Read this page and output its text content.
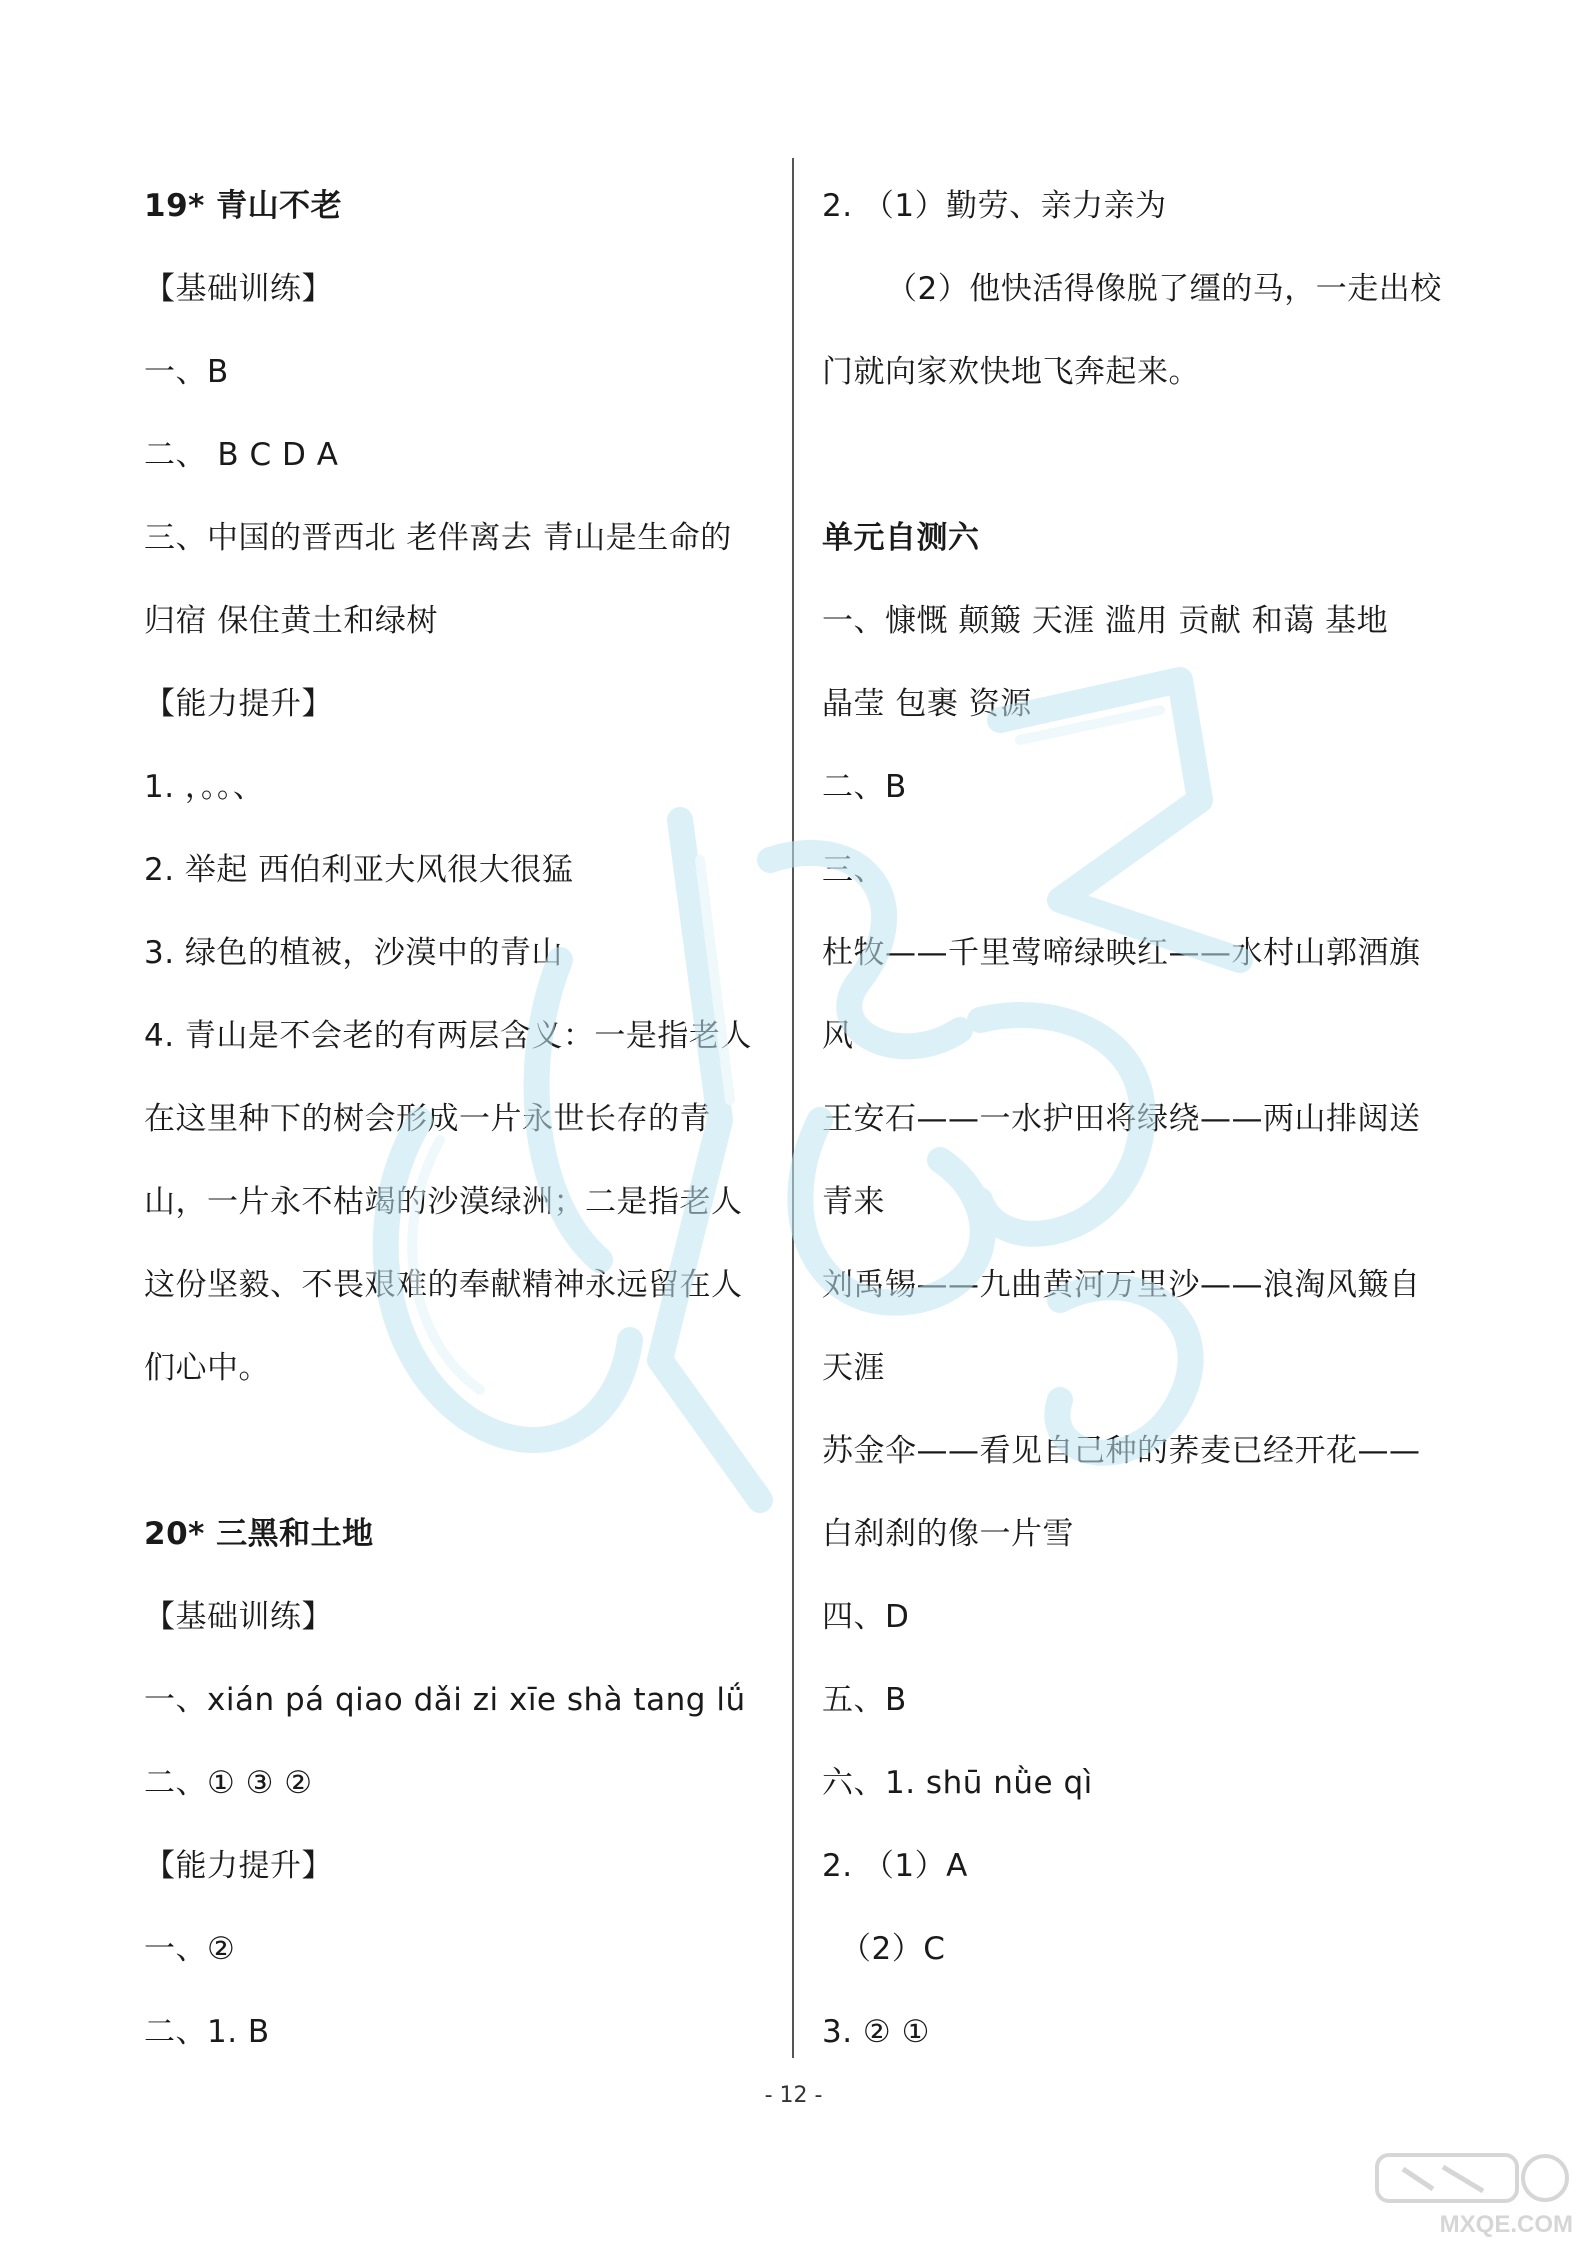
19* 青山不老
【基础训练】
一、B
二、 B C D A
三、中国的晋西北 老伴离去 青山是生命的
归宿 保住黄土和绿树
【能力提升】
1. ，。。、
2. 举起 西伯利亚大风很大很猛
3. 绿色的植被，沙漠中的青山
4. 青山是不会老的有两层含义：一是指老人
在这里种下的树会形成一片永世长存的青
山，一片永不枯竭的沙漠绿洲；二是指老人
这份坚毅、不畏艰难的奉献精神永远留在人
们心中。
20* 三黑和土地
【基础训练】
一、xián pá qiao dǎi zi xīe shà tang lǘ
二、① ③ ②
【能力提升】
一、②
二、1. B
2. （1）勤劳、亲力亲为
（2）他快活得像脱了缰的马，一走出校
门就向家欢快地飞奔起来。
单元自测六
一、慷慨 颠簸 天涯 滥用 贡献 和蔼 基地
晶莹 包裹 资源
二、B
三、
杜牧——千里莺啼绿映红——水村山郭酒旗
风
王安石——一水护田将绿绕——两山排闼送
青来
刘禹锡——九曲黄河万里沙——浪淘风簸自
天涯
苏金伞——看见自己种的荞麦已经开花——
白刹刹的像一片雪
四、D
五、B
六、1. shū nǜe qì
2. （1）A
（2）C
3. ② ①
- 12 -
MXQE.COM
